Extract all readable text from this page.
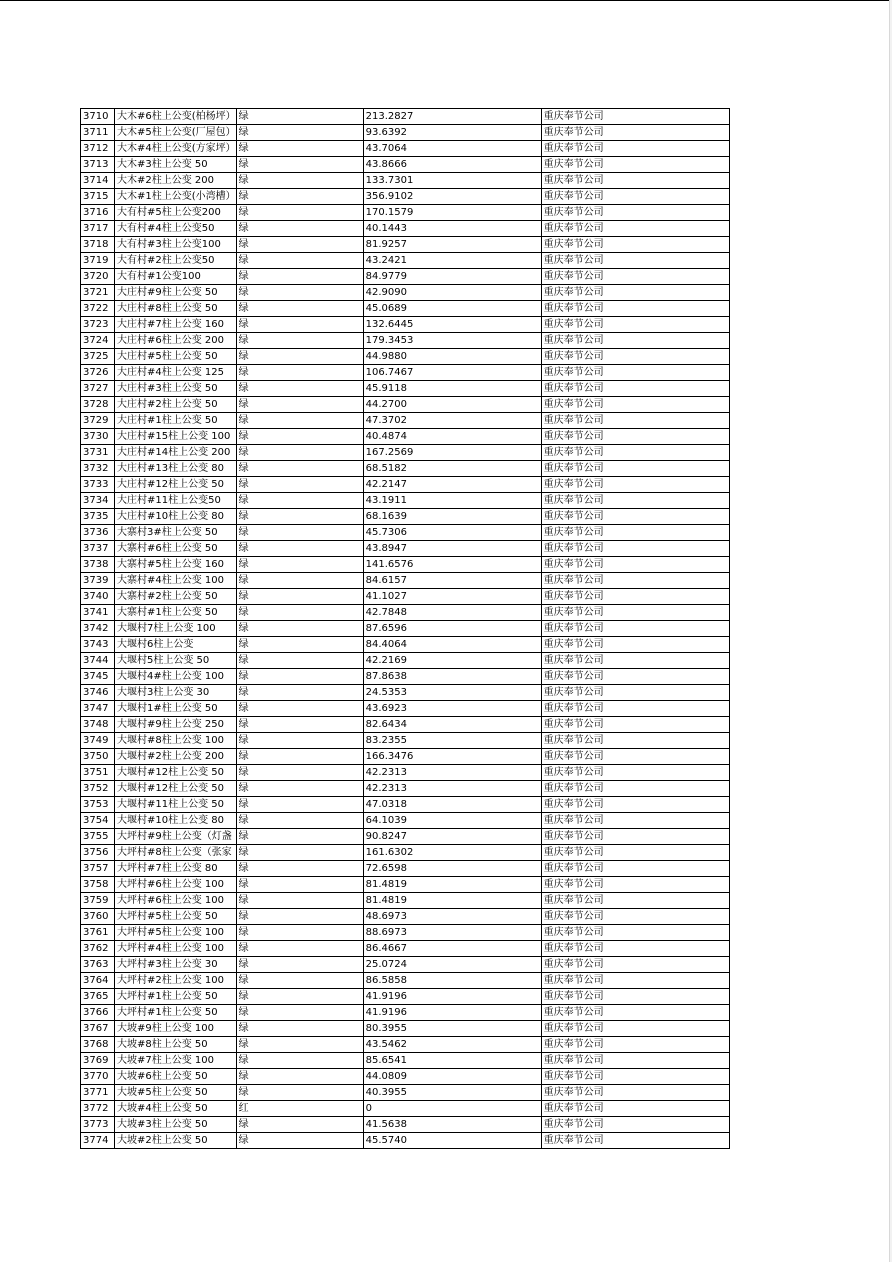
3710	大木#6柱上公变(柏杨坪）	绿	213.2827	重庆奉节公司
3711	大木#5柱上公变(厂屋包）	绿	93.6392	重庆奉节公司
3712	大木#4柱上公变(方家坪）	绿	43.7064	重庆奉节公司
3713	大木#3柱上公变 50	绿	43.8666	重庆奉节公司
3714	大木#2柱上公变 200	绿	133.7301	重庆奉节公司
3715	大木#1柱上公变(小湾槽）	绿	356.9102	重庆奉节公司
3716	大有村#5柱上公变200	绿	170.1579	重庆奉节公司
3717	大有村#4柱上公变50	绿	40.1443	重庆奉节公司
3718	大有村#3柱上公变100	绿	81.9257	重庆奉节公司
3719	大有村#2柱上公变50	绿	43.2421	重庆奉节公司
3720	大有村#1公变100	绿	84.9779	重庆奉节公司
3721	大庄村#9柱上公变 50	绿	42.9090	重庆奉节公司
3722	大庄村#8柱上公变 50	绿	45.0689	重庆奉节公司
3723	大庄村#7柱上公变 160	绿	132.6445	重庆奉节公司
3724	大庄村#6柱上公变 200	绿	179.3453	重庆奉节公司
3725	大庄村#5柱上公变 50	绿	44.9880	重庆奉节公司
3726	大庄村#4柱上公变 125	绿	106.7467	重庆奉节公司
3727	大庄村#3柱上公变 50	绿	45.9118	重庆奉节公司
3728	大庄村#2柱上公变 50	绿	44.2700	重庆奉节公司
3729	大庄村#1柱上公变 50	绿	47.3702	重庆奉节公司
3730	大庄村#15柱上公变 100	绿	40.4874	重庆奉节公司
3731	大庄村#14柱上公变 200	绿	167.2569	重庆奉节公司
3732	大庄村#13柱上公变 80	绿	68.5182	重庆奉节公司
3733	大庄村#12柱上公变 50	绿	42.2147	重庆奉节公司
3734	大庄村#11柱上公变50	绿	43.1911	重庆奉节公司
3735	大庄村#10柱上公变 80	绿	68.1639	重庆奉节公司
3736	大寨村3#柱上公变 50	绿	45.7306	重庆奉节公司
3737	大寨村#6柱上公变 50	绿	43.8947	重庆奉节公司
3738	大寨村#5柱上公变 160	绿	141.6576	重庆奉节公司
3739	大寨村#4柱上公变 100	绿	84.6157	重庆奉节公司
3740	大寨村#2柱上公变 50	绿	41.1027	重庆奉节公司
3741	大寨村#1柱上公变 50	绿	42.7848	重庆奉节公司
3742	大堰村7柱上公变 100	绿	87.6596	重庆奉节公司
3743	大堰村6柱上公变	绿	84.4064	重庆奉节公司
3744	大堰村5柱上公变 50	绿	42.2169	重庆奉节公司
3745	大堰村4#柱上公变 100	绿	87.8638	重庆奉节公司
3746	大堰村3柱上公变 30	绿	24.5353	重庆奉节公司
3747	大堰村1#柱上公变 50	绿	43.6923	重庆奉节公司
3748	大堰村#9柱上公变 250	绿	82.6434	重庆奉节公司
3749	大堰村#8柱上公变 100	绿	83.2355	重庆奉节公司
3750	大堰村#2柱上公变 200	绿	166.3476	重庆奉节公司
3751	大堰村#12柱上公变 50	绿	42.2313	重庆奉节公司
3752	大堰村#12柱上公变 50	绿	42.2313	重庆奉节公司
3753	大堰村#11柱上公变 50	绿	47.0318	重庆奉节公司
3754	大堰村#10柱上公变 80	绿	64.1039	重庆奉节公司
3755	大坪村#9柱上公变（灯盏	绿	90.8247	重庆奉节公司
3756	大坪村#8柱上公变（张家	绿	161.6302	重庆奉节公司
3757	大坪村#7柱上公变 80	绿	72.6598	重庆奉节公司
3758	大坪村#6柱上公变 100	绿	81.4819	重庆奉节公司
3759	大坪村#6柱上公变 100	绿	81.4819	重庆奉节公司
3760	大坪村#5柱上公变 50	绿	48.6973	重庆奉节公司
3761	大坪村#5柱上公变 100	绿	88.6973	重庆奉节公司
3762	大坪村#4柱上公变 100	绿	86.4667	重庆奉节公司
3763	大坪村#3柱上公变 30	绿	25.0724	重庆奉节公司
3764	大坪村#2柱上公变 100	绿	86.5858	重庆奉节公司
3765	大坪村#1柱上公变 50	绿	41.9196	重庆奉节公司
3766	大坪村#1柱上公变 50	绿	41.9196	重庆奉节公司
3767	大坡#9柱上公变 100	绿	80.3955	重庆奉节公司
3768	大坡#8柱上公变 50	绿	43.5462	重庆奉节公司
3769	大坡#7柱上公变 100	绿	85.6541	重庆奉节公司
3770	大坡#6柱上公变 50	绿	44.0809	重庆奉节公司
3771	大坡#5柱上公变 50	绿	40.3955	重庆奉节公司
3772	大坡#4柱上公变 50	红	0	重庆奉节公司
3773	大坡#3柱上公变 50	绿	41.5638	重庆奉节公司
3774	大坡#2柱上公变 50	绿	45.5740	重庆奉节公司
